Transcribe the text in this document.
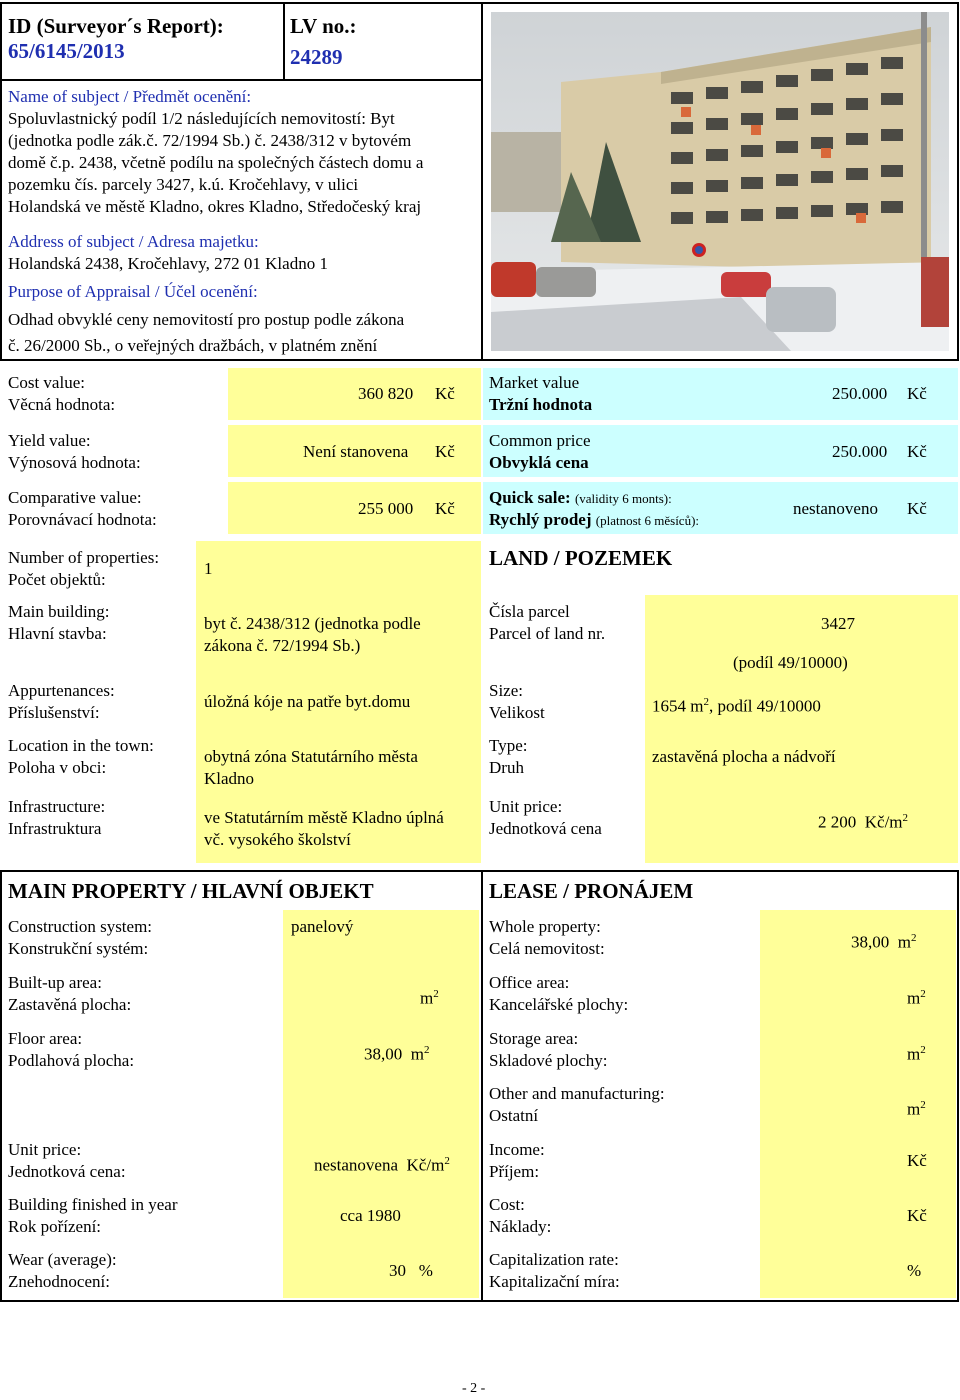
ID (Surveyor´s Report):
65/6145/2013
LV no.:
24289
Name of subject / Předmět ocenění:
Spoluvlastnický podíl 1/2 následujících nemovitostí: Byt
(jednotka podle zák.č. 72/1994 Sb.) č. 2438/312 v bytovém
domě č.p. 2438, včetně podílu na společných částech domu a
pozemku čís. parcely 3427, k.ú. Kročehlavy, v ulici
Holandská ve městě Kladno, okres Kladno, Středočeský kraj
Address of subject / Adresa majetku:
Holandská 2438, Kročehlavy, 272 01 Kladno 1
Purpose of Appraisal / Účel ocenění:
Odhad obvyklé ceny nemovitostí pro postup podle zákona
č. 26/2000 Sb., o veřejných dražbách, v platném znění
Cost value:
Věcná hodnota:
360 820 Kč
Yield value:
Výnosová hodnota:
Není stanovena Kč
Comparative value:
Porovnávací hodnota:
255 000 Kč
Market value
Tržní hodnota
250.000 Kč
Common price
Obvyklá cena
250.000 Kč
Quick sale: (validity 6 monts):
Rychlý prodej (platnost 6 měsíců):
nestanoveno Kč
Number of properties:
Počet objektů:
1
Main building:
Hlavní stavba:
byt č. 2438/312 (jednotka podle
zákona č. 72/1994 Sb.)
Appurtenances:
Příslušenství:
úložná kóje na patře byt.domu
Location in the town:
Poloha v obci:
obytná zóna Statutárního města
Kladno
Infrastructure:
Infrastruktura
ve Statutárním městě Kladno úplná
vč. vysokého školství
LAND / POZEMEK
Čísla parcel
Parcel of land nr.
3427
(podíl 49/10000)
Size:
Velikost	1654 $m^2$, podíl 49/10000
Type:
Druh
zastavěná plocha a nádvoří
Unit price:
Jednotková cena	2 200 $Kč/m^2$
MAIN PROPERTY / HLAVNÍ OBJEKT	LEASE / PRONÁJEM
Construction system:
Konstrukční systém:
panelový
Built-up area:
Zastavěná plocha:	$m^2$
Floor area:
Podlahová plocha:	38,00 $m^2$
Unit price:
Jednotková cena:	nestanovena $Kč/m^2$
Building finished in year
Rok pořízení:
cca 1980
Wear (average):
Znehodnocení:
30 %
Whole property:
Celá nemovitost:	38,00 $m^2$
Office area:
Kancelářské plochy:	$m^2$
Storage area:
Skladové plochy:	$m^2$
Other and manufacturing:
Ostatní	$m^2$
Income:
Příjem:
Kč
Cost:
Náklady:
Kč
Capitalization rate:
Kapitalizační míra:
%
- 2 -
